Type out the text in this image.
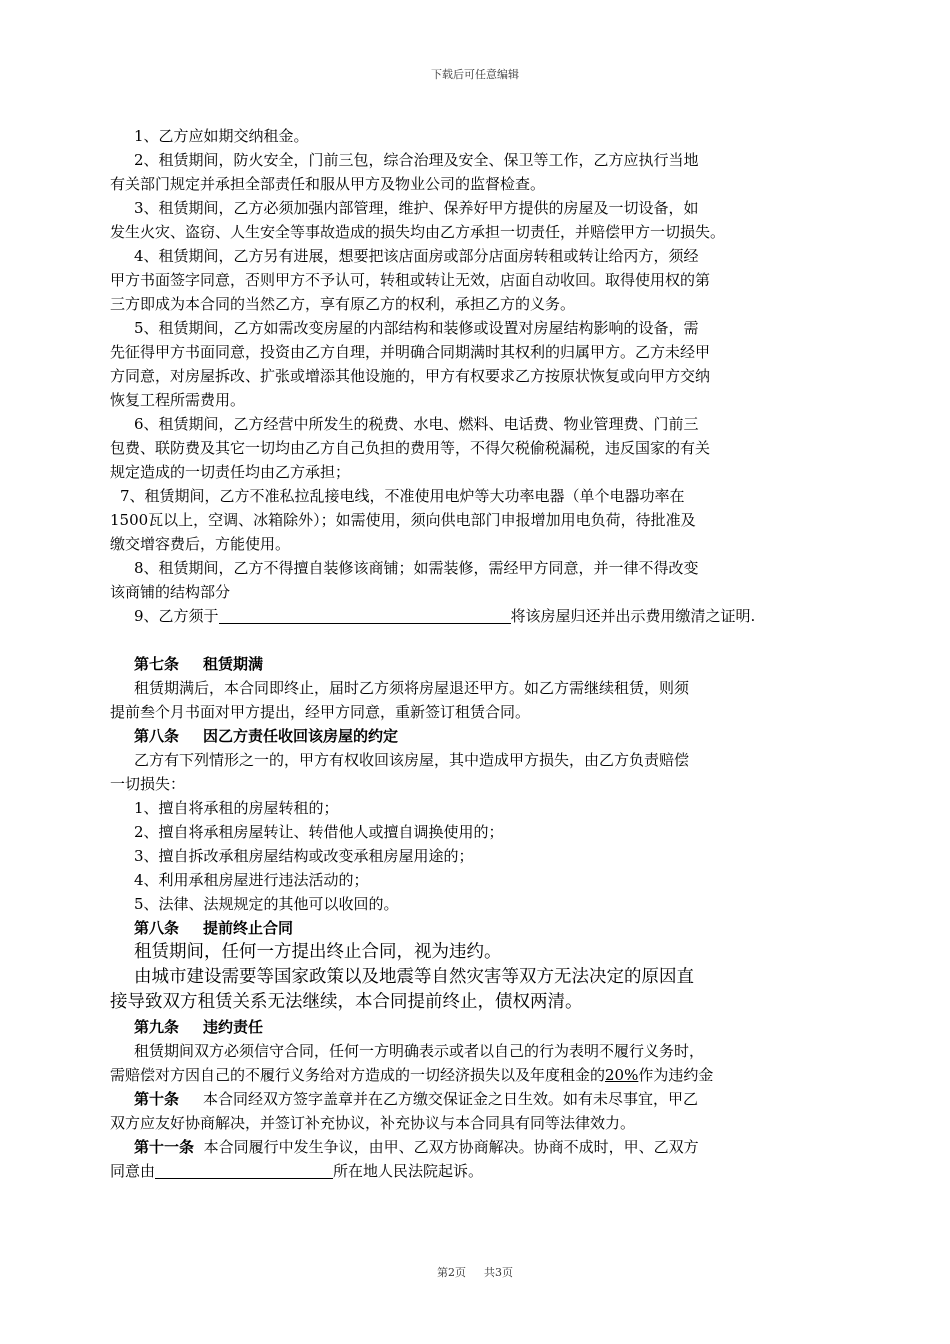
下载后可任意编辑
1、乙方应如期交纳租金。
2、租赁期间，防火安全，门前三包，综合治理及安全、保卫等工作，乙方应执行当地
有关部门规定并承担全部责任和服从甲方及物业公司的监督检查。
3、租赁期间，乙方必须加强内部管理，维护、保养好甲方提供的房屋及一切设备，如
发生火灾、盗窃、人生安全等事故造成的损失均由乙方承担一切责任，并赔偿甲方一切损失。
4、租赁期间，乙方另有进展，想要把该店面房或部分店面房转租或转让给丙方，须经
甲方书面签字同意，否则甲方不予认可，转租或转让无效，店面自动收回。取得使用权的第
三方即成为本合同的当然乙方，享有原乙方的权利，承担乙方的义务。
5、租赁期间，乙方如需改变房屋的内部结构和装修或设置对房屋结构影响的设备，需
先征得甲方书面同意，投资由乙方自理，并明确合同期满时其权利的归属甲方。乙方未经甲
方同意，对房屋拆改、扩张或增添其他设施的，甲方有权要求乙方按原状恢复或向甲方交纳
恢复工程所需费用。
6、租赁期间，乙方经营中所发生的税费、水电、燃料、电话费、物业管理费、门前三
包费、联防费及其它一切均由乙方自己负担的费用等，不得欠税偷税漏税，违反国家的有关
规定造成的一切责任均由乙方承担；
7、租赁期间，乙方不准私拉乱接电线，不准使用电炉等大功率电器（单个电器功率在
1500瓦以上，空调、冰箱除外）；如需使用，须向供电部门申报增加用电负荷，待批准及
缴交增容费后，方能使用。
8、租赁期间，乙方不得擅自装修该商铺；如需装修，需经甲方同意，并一律不得改变
该商铺的结构部分
9、乙方须于	将该房屋归还并出示费用缴清之证明.
第七条 租赁期满
租赁期满后，本合同即终止，届时乙方须将房屋退还甲方。如乙方需继续租赁，则须
提前叁个月书面对甲方提出，经甲方同意，重新签订租赁合同。
第八条 因乙方责任收回该房屋的约定
乙方有下列情形之一的，甲方有权收回该房屋，其中造成甲方损失，由乙方负责赔偿
一切损失：
1、擅自将承租的房屋转租的；
2、擅自将承租房屋转让、转借他人或擅自调换使用的；
3、擅自拆改承租房屋结构或改变承租房屋用途的；
4、利用承租房屋进行违法活动的；
5、法律、法规规定的其他可以收回的。
第八条 提前终止合同
租赁期间，任何一方提出终止合同，视为违约。
由城市建设需要等国家政策以及地震等自然灾害等双方无法决定的原因直
接导致双方租赁关系无法继续，本合同提前终止，债权两清。
第九条 违约责任
租赁期间双方必须信守合同，任何一方明确表示或者以自己的行为表明不履行义务时，
需赔偿对方因自己的不履行义务给对方造成的一切经济损失以及年度租金的20%作为违约金
第十条 本合同经双方签字盖章并在乙方缴交保证金之日生效。如有未尽事宜，甲乙
双方应友好协商解决，并签订补充协议，补充协议与本合同具有同等法律效力。
第十一条 本合同履行中发生争议，由甲、乙双方协商解决。协商不成时，甲、乙双方
同意由	所在地人民法院起诉。
第2页 共3页
